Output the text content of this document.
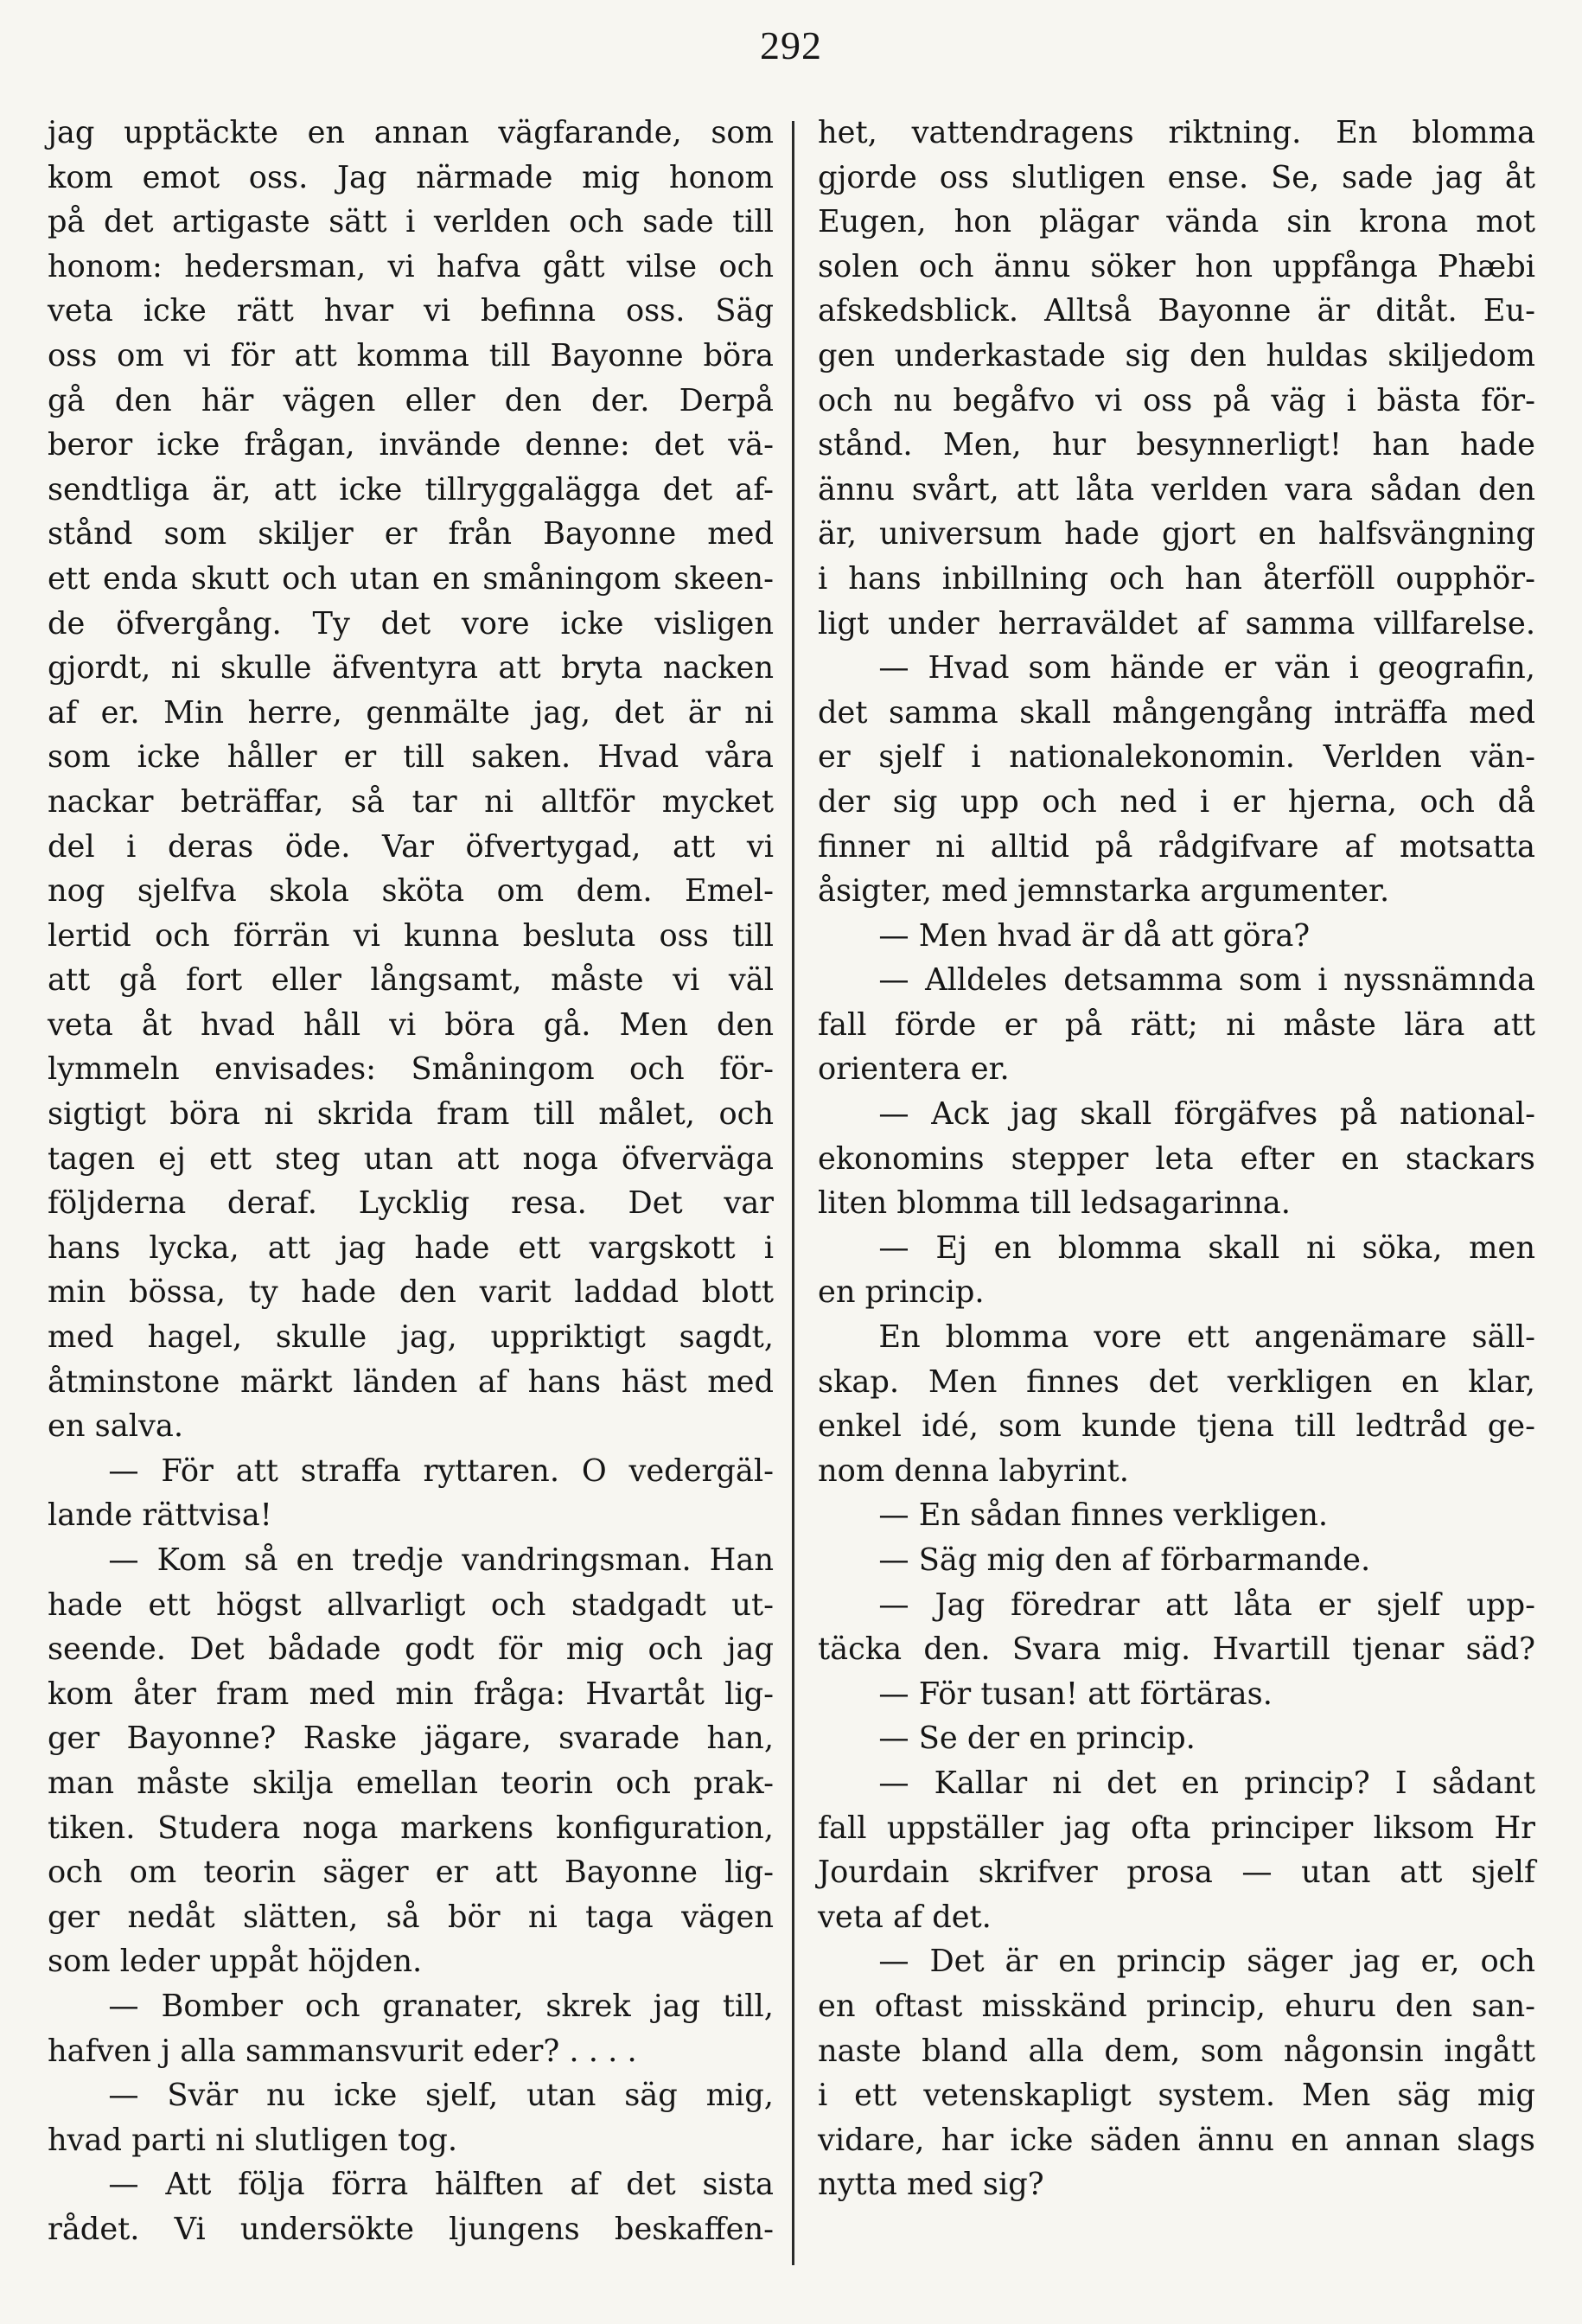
292
jag upptäckte en annan vägfarande, som
kom emot oss. Jag närmade mig honom
på det artigaste sätt i verlden och sade till
honom: hedersman, vi hafva gått vilse och
veta icke rätt hvar vi befinna oss. Säg
oss om vi för att komma till Bayonne böra
gå den här vägen eller den der. Derpå
beror icke frågan, invände denne: det vä-
sendtliga är, att icke tillryggalägga det af-
stånd som skiljer er från Bayonne med
ett enda skutt och utan en småningom skeen-
de öfvergång. Ty det vore icke visligen
gjordt, ni skulle äfventyra att bryta nacken
af er. Min herre, genmälte jag, det är ni
som icke håller er till saken. Hvad våra
nackar beträffar, så tar ni alltför mycket
del i deras öde. Var öfvertygad, att vi
nog sjelfva skola sköta om dem. Emel-
lertid och förrän vi kunna besluta oss till
att gå fort eller långsamt, måste vi väl
veta åt hvad håll vi böra gå. Men den
lymmeln envisades: Småningom och för-
sigtigt böra ni skrida fram till målet, och
tagen ej ett steg utan att noga öfverväga
följderna deraf. Lycklig resa. Det var
hans lycka, att jag hade ett vargskott i
min bössa, ty hade den varit laddad blott
med hagel, skulle jag, uppriktigt sagdt,
åtminstone märkt länden af hans häst med
en salva.
  — För att straffa ryttaren. O vedergäl-
lande rättvisa!
  — Kom så en tredje vandringsman. Han
hade ett högst allvarligt och stadgadt ut-
seende. Det bådade godt för mig och jag
kom åter fram med min fråga: Hvartåt lig-
ger Bayonne? Raske jägare, svarade han,
man måste skilja emellan teorin och prak-
tiken. Studera noga markens konfiguration,
och om teorin säger er att Bayonne lig-
ger nedåt slätten, så bör ni taga vägen
som leder uppåt höjden.
  — Bomber och granater, skrek jag till,
hafven j alla sammansvurit eder? . . . .
  — Svär nu icke sjelf, utan säg mig,
hvad parti ni slutligen tog.
  — Att följa förra hälften af det sista
rådet. Vi undersökte ljungens beskaffen-
het, vattendragens riktning. En blomma
gjorde oss slutligen ense. Se, sade jag åt
Eugen, hon plägar vända sin krona mot
solen och ännu söker hon uppfånga Phæbi
afskedsblick. Alltså Bayonne är ditåt. Eu-
gen underkastade sig den huldas skiljedom
och nu begåfvo vi oss på väg i bästa för-
stånd. Men, hur besynnerligt! han hade
ännu svårt, att låta verlden vara sådan den
är, universum hade gjort en halfsvängning
i hans inbillning och han återföll oupphör-
ligt under herraväldet af samma villfarelse.
  — Hvad som hände er vän i geografin,
det samma skall mångengång inträffa med
er sjelf i nationalekonomin. Verlden vän-
der sig upp och ned i er hjerna, och då
finner ni alltid på rådgifvare af motsatta
åsigter, med jemnstarka argumenter.
  — Men hvad är då att göra?
  — Alldeles detsamma som i nyssnämnda
fall förde er på rätt; ni måste lära att
orientera er.
  — Ack jag skall förgäfves på national-
ekonomins stepper leta efter en stackars
liten blomma till ledsagarinna.
  — Ej en blomma skall ni söka, men
en princip.
  En blomma vore ett angenämare säll-
skap. Men finnes det verkligen en klar,
enkel idé, som kunde tjena till ledtråd ge-
nom denna labyrint.
  — En sådan finnes verkligen.
  — Säg mig den af förbarmande.
  — Jag föredrar att låta er sjelf upp-
täcka den. Svara mig. Hvartill tjenar säd?
  — För tusan! att förtäras.
  — Se der en princip.
  — Kallar ni det en princip? I sådant
fall uppställer jag ofta principer liksom Hr
Jourdain skrifver prosa — utan att sjelf
veta af det.
  — Det är en princip säger jag er, och
en oftast misskänd princip, ehuru den san-
naste bland alla dem, som någonsin ingått
i ett vetenskapligt system. Men säg mig
vidare, har icke säden ännu en annan slags
nytta med sig?
